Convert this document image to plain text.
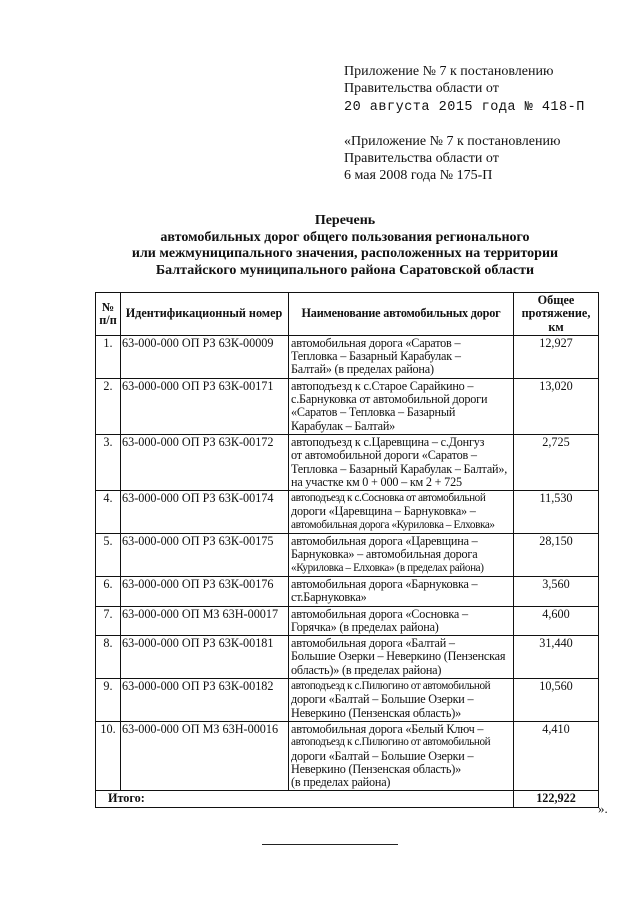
Приложение № 7 к постановлению
Правительства области от
20 августа 2015 года № 418-П
«Приложение № 7 к постановлению
Правительства области от
6 мая 2008 года № 175-П
Перечень
автомобильных дорог общего пользования регионального
или межмуниципального значения, расположенных на территории
Балтайского муниципального района Саратовской области
№ п/п	Идентификационный номер	Наименование автомобильных дорог	Общее протяжение, км
1.	63-000-000 ОП РЗ 63К-00009	автомобильная дорога «Саратов –
Тепловка – Базарный Карабулак –
Балтай» (в пределах района)	12,927
2.	63-000-000 ОП РЗ 63К-00171	автоподъезд к с.Старое Сарайкино –
с.Барнуковка от автомобильной дороги
«Саратов – Тепловка – Базарный
Карабулак – Балтай»	13,020
3.	63-000-000 ОП РЗ 63К-00172	автоподъезд к с.Царевщина – с.Донгуз
от автомобильной дороги «Саратов –
Тепловка – Базарный Карабулак – Балтай»,
на участке км 0 + 000 – км 2 + 725	2,725
4.	63-000-000 ОП РЗ 63К-00174	автоподъезд к с.Сосновка от автомобильной
дороги «Царевщина – Барнуковка» –
автомобильная дорога «Куриловка – Елховка»	11,530
5.	63-000-000 ОП РЗ 63К-00175	автомобильная дорога «Царевщина –
Барнуковка» – автомобильная дорога
«Куриловка – Елховка» (в пределах района)	28,150
6.	63-000-000 ОП РЗ 63К-00176	автомобильная дорога «Барнуковка –
ст.Барнуковка»	3,560
7.	63-000-000 ОП МЗ 63Н-00017	автомобильная дорога «Сосновка –
Горячка» (в пределах района)	4,600
8.	63-000-000 ОП РЗ 63К-00181	автомобильная дорога «Балтай –
Большие Озерки – Неверкино (Пензенская
область)» (в пределах района)	31,440
9.	63-000-000 ОП РЗ 63К-00182	автоподъезд к с.Пилюгино от автомобильной
дороги «Балтай – Большие Озерки –
Неверкино (Пензенская область)»	10,560
10.	63-000-000 ОП МЗ 63Н-00016	автомобильная дорога «Белый Ключ –
автоподъезд к с.Пилюгино от автомобильной
дороги «Балтай – Большие Озерки –
Неверкино (Пензенская область)»
(в пределах района)	4,410
Итого:			122,922
».
